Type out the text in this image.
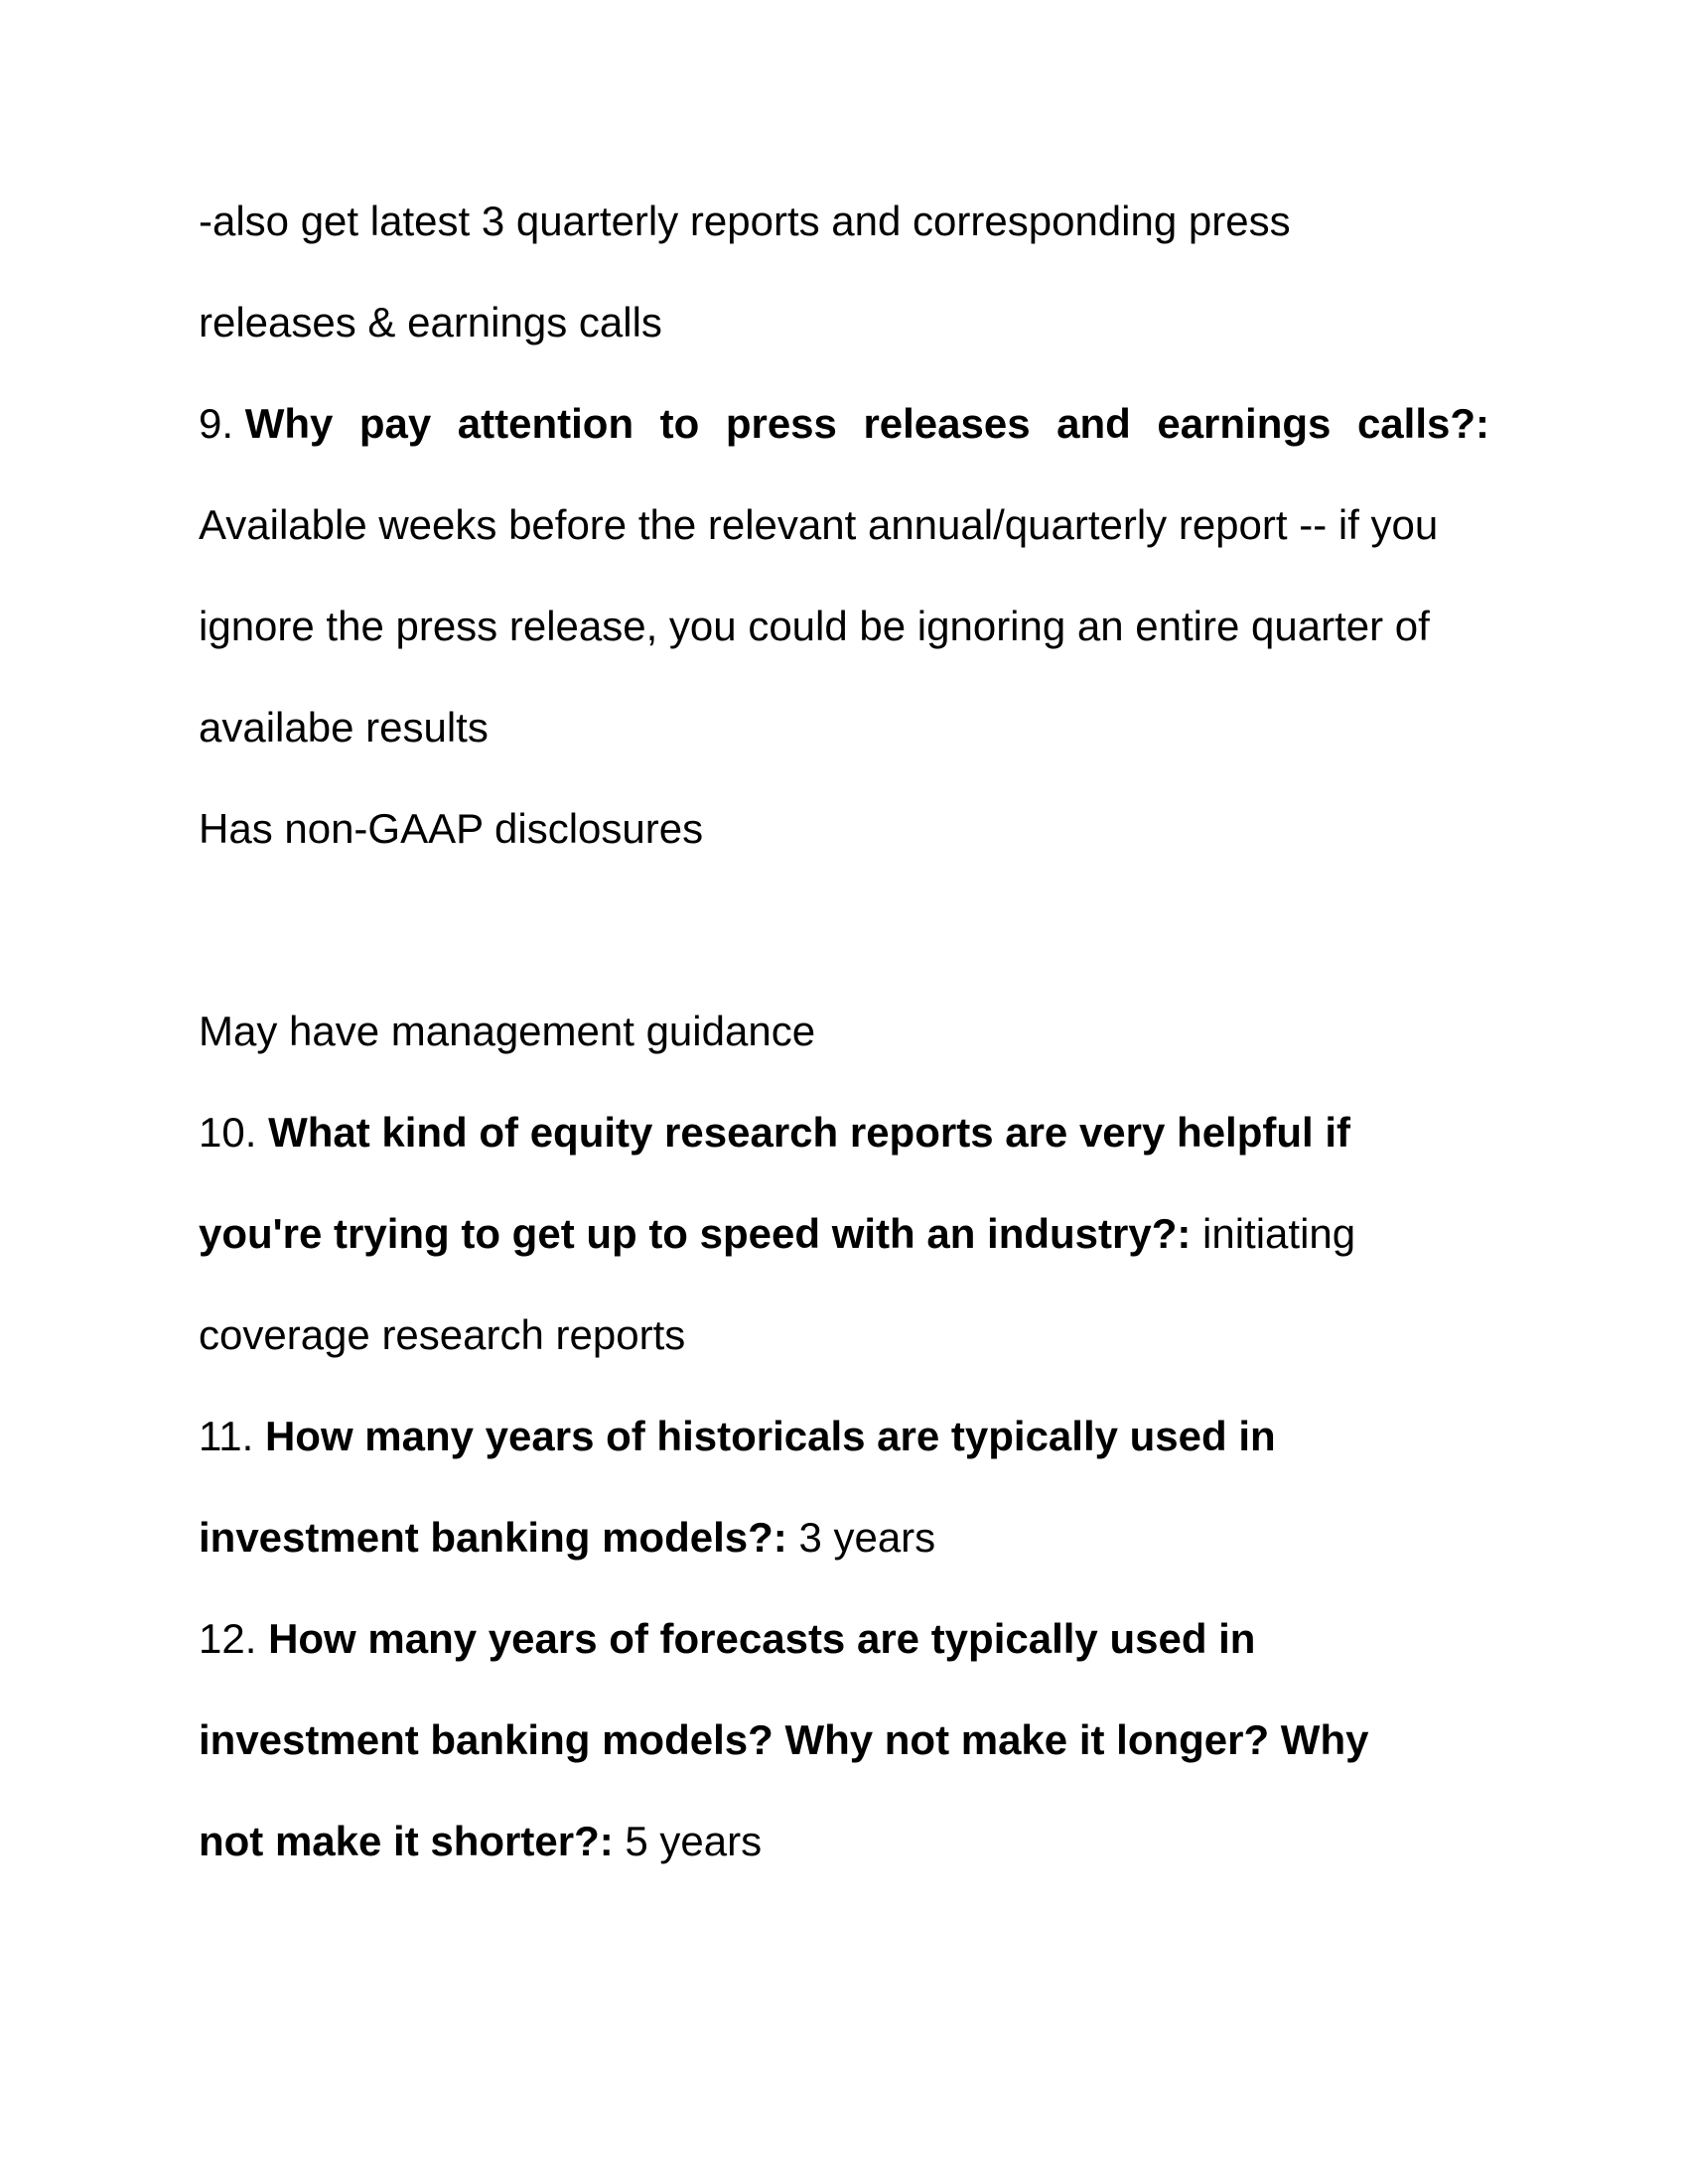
-also get latest 3 quarterly reports and corresponding press
releases & earnings calls
9. Why pay attention to press releases and earnings calls?:
Available weeks before the relevant annual/quarterly report -- if you
ignore the press release, you could be ignoring an entire quarter of
availabe results
Has non-GAAP disclosures
May have management guidance
10. What kind of equity research reports are very helpful if
you're trying to get up to speed with an industry?: initiating
coverage research reports
11. How many years of historicals are typically used in
investment banking models?: 3 years
12. How many years of forecasts are typically used in
investment banking models? Why not make it longer? Why
not make it shorter?: 5 years
